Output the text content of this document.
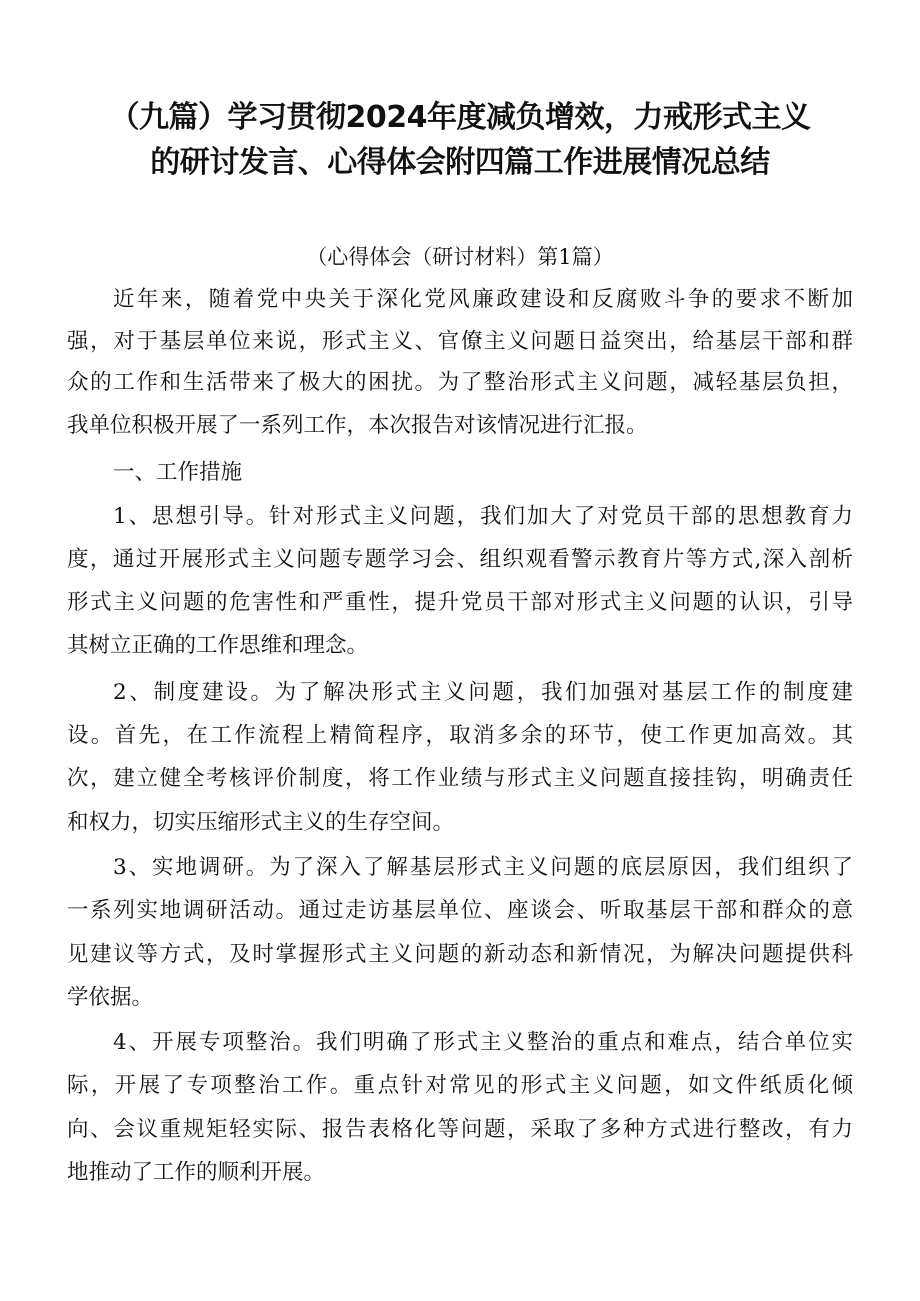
（九篇）学习贯彻2024年度减负增效，力戒形式主义
的研讨发言、心得体会附四篇工作进展情况总结
（心得体会（研讨材料）第1篇）
近年来，随着党中央关于深化党风廉政建设和反腐败斗争的要求不断加
强，对于基层单位来说，形式主义、官僚主义问题日益突出，给基层干部和群
众的工作和生活带来了极大的困扰。为了整治形式主义问题，减轻基层负担，
我单位积极开展了一系列工作，本次报告对该情况进行汇报。
一、工作措施
1、思想引导。针对形式主义问题，我们加大了对党员干部的思想教育力
度，通过开展形式主义问题专题学习会、组织观看警示教育片等方式,深入剖析
形式主义问题的危害性和严重性，提升党员干部对形式主义问题的认识，引导
其树立正确的工作思维和理念。
2、制度建设。为了解决形式主义问题，我们加强对基层工作的制度建
设。首先，在工作流程上精简程序，取消多余的环节，使工作更加高效。其
次，建立健全考核评价制度，将工作业绩与形式主义问题直接挂钩，明确责任
和权力，切实压缩形式主义的生存空间。
3、实地调研。为了深入了解基层形式主义问题的底层原因，我们组织了
一系列实地调研活动。通过走访基层单位、座谈会、听取基层干部和群众的意
见建议等方式，及时掌握形式主义问题的新动态和新情况，为解决问题提供科
学依据。
4、开展专项整治。我们明确了形式主义整治的重点和难点，结合单位实
际，开展了专项整治工作。重点针对常见的形式主义问题，如文件纸质化倾
向、会议重规矩轻实际、报告表格化等问题，采取了多种方式进行整改，有力
地推动了工作的顺利开展。
